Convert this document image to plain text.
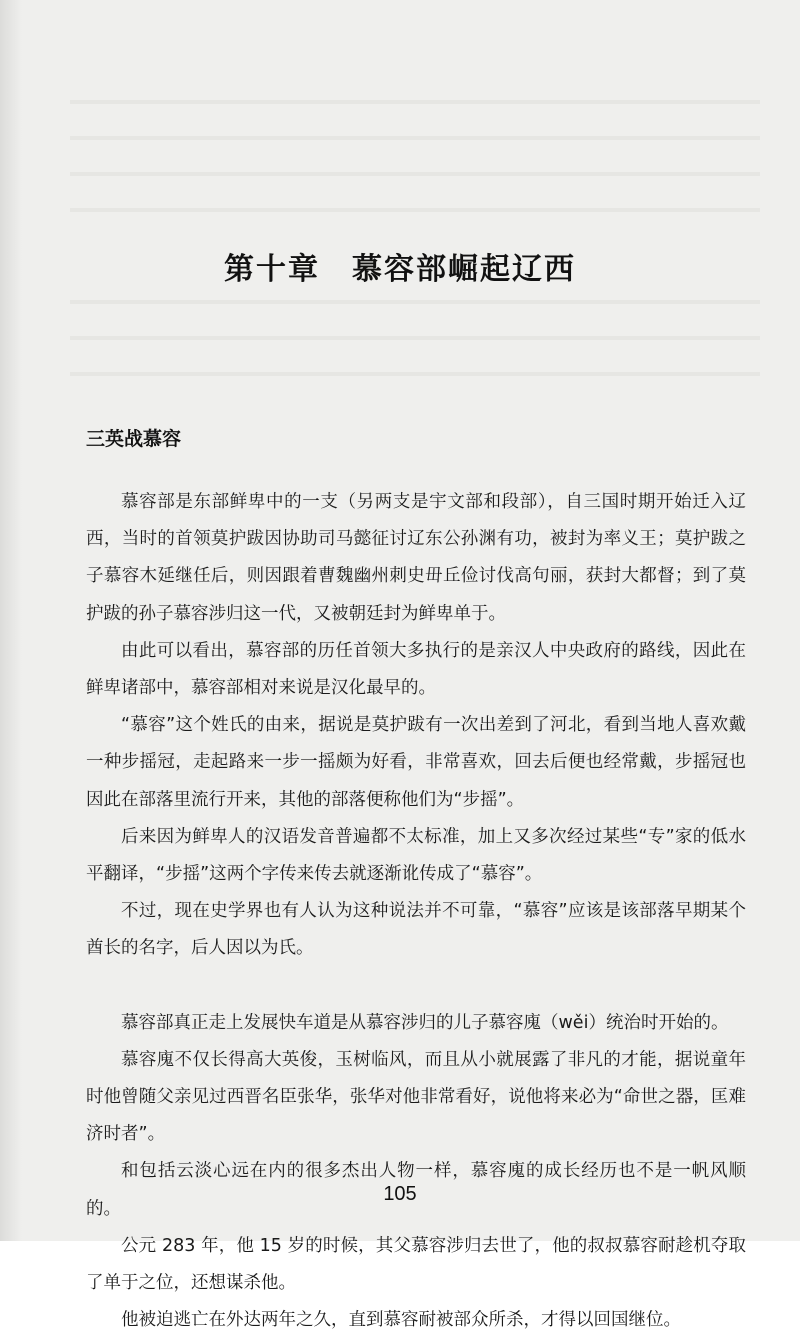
第十章　慕容部崛起辽西
三英战慕容

慕容部是东部鲜卑中的一支（另两支是宇文部和段部），自三国时期开始迁入辽西，当时的首领莫护跋因协助司马懿征讨辽东公孙渊有功，被封为率义王；莫护跋之子慕容木延继任后，则因跟着曹魏幽州刺史毌丘俭讨伐高句丽，获封大都督；到了莫护跋的孙子慕容涉归这一代，又被朝廷封为鲜卑单于。

由此可以看出，慕容部的历任首领大多执行的是亲汉人中央政府的路线，因此在鲜卑诸部中，慕容部相对来说是汉化最早的。

“慕容”这个姓氏的由来，据说是莫护跋有一次出差到了河北，看到当地人喜欢戴一种步摇冠，走起路来一步一摇颇为好看，非常喜欢，回去后便也经常戴，步摇冠也因此在部落里流行开来，其他的部落便称他们为“步摇”。

后来因为鲜卑人的汉语发音普遍都不太标准，加上又多次经过某些“专”家的低水平翻译，“步摇”这两个字传来传去就逐渐讹传成了“慕容”。

不过，现在史学界也有人认为这种说法并不可靠，“慕容”应该是该部落早期某个酋长的名字，后人因以为氏。

慕容部真正走上发展快车道是从慕容涉归的儿子慕容廆（wěi）统治时开始的。

慕容廆不仅长得高大英俊，玉树临风，而且从小就展露了非凡的才能，据说童年时他曾随父亲见过西晋名臣张华，张华对他非常看好，说他将来必为“命世之器，匡难济时者”。

和包括云淡心远在内的很多杰出人物一样，慕容廆的成长经历也不是一帆风顺的。

公元 283 年，他 15 岁的时候，其父慕容涉归去世了，他的叔叔慕容耐趁机夺取了单于之位，还想谋杀他。

他被迫逃亡在外达两年之久，直到慕容耐被部众所杀，才得以回国继位。

105
